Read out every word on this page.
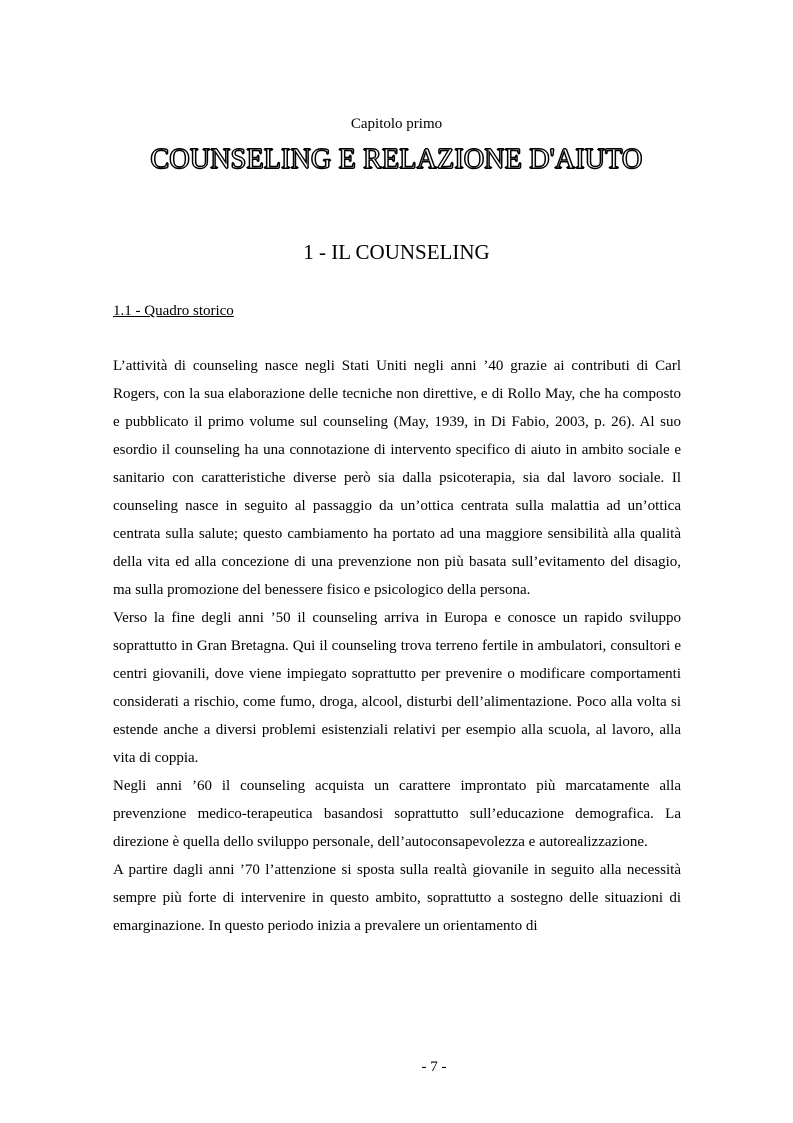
Capitolo primo
COUNSELING E RELAZIONE D'AIUTO
1 - IL COUNSELING
1.1 - Quadro storico

L’attività di counseling nasce negli Stati Uniti negli anni ’40 grazie ai contributi di Carl Rogers, con la sua elaborazione delle tecniche non direttive, e di Rollo May, che ha composto e pubblicato il primo volume sul counseling (May, 1939, in Di Fabio, 2003, p. 26). Al suo esordio il counseling ha una connotazione di intervento specifico di aiuto in ambito sociale e sanitario con caratteristiche diverse però sia dalla psicoterapia, sia dal lavoro sociale. Il counseling nasce in seguito al passaggio da un’ottica centrata sulla malattia ad un’ottica centrata sulla salute; questo cambiamento ha portato ad una maggiore sensibilità alla qualità della vita ed alla concezione di una prevenzione non più basata sull’evitamento del disagio, ma sulla promozione del benessere fisico e psicologico della persona.

Verso la fine degli anni ’50 il counseling arriva in Europa e conosce un rapido sviluppo soprattutto in Gran Bretagna. Qui il counseling trova terreno fertile in ambulatori, consultori e centri giovanili, dove viene impiegato soprattutto per prevenire o modificare comportamenti considerati a rischio, come fumo, droga, alcool, disturbi dell’alimentazione. Poco alla volta si estende anche a diversi problemi esistenziali relativi per esempio alla scuola, al lavoro, alla vita di coppia.

Negli anni ’60 il counseling acquista un carattere improntato più marcatamente alla prevenzione medico-terapeutica basandosi soprattutto sull’educazione demografica. La direzione è quella dello sviluppo personale, dell’autoconsapevolezza e autorealizzazione.

A partire dagli anni ’70 l’attenzione si sposta sulla realtà giovanile in seguito alla necessità sempre più forte di intervenire in questo ambito, soprattutto a sostegno delle situazioni di emarginazione. In questo periodo inizia a prevalere un orientamento di

- 7 -
